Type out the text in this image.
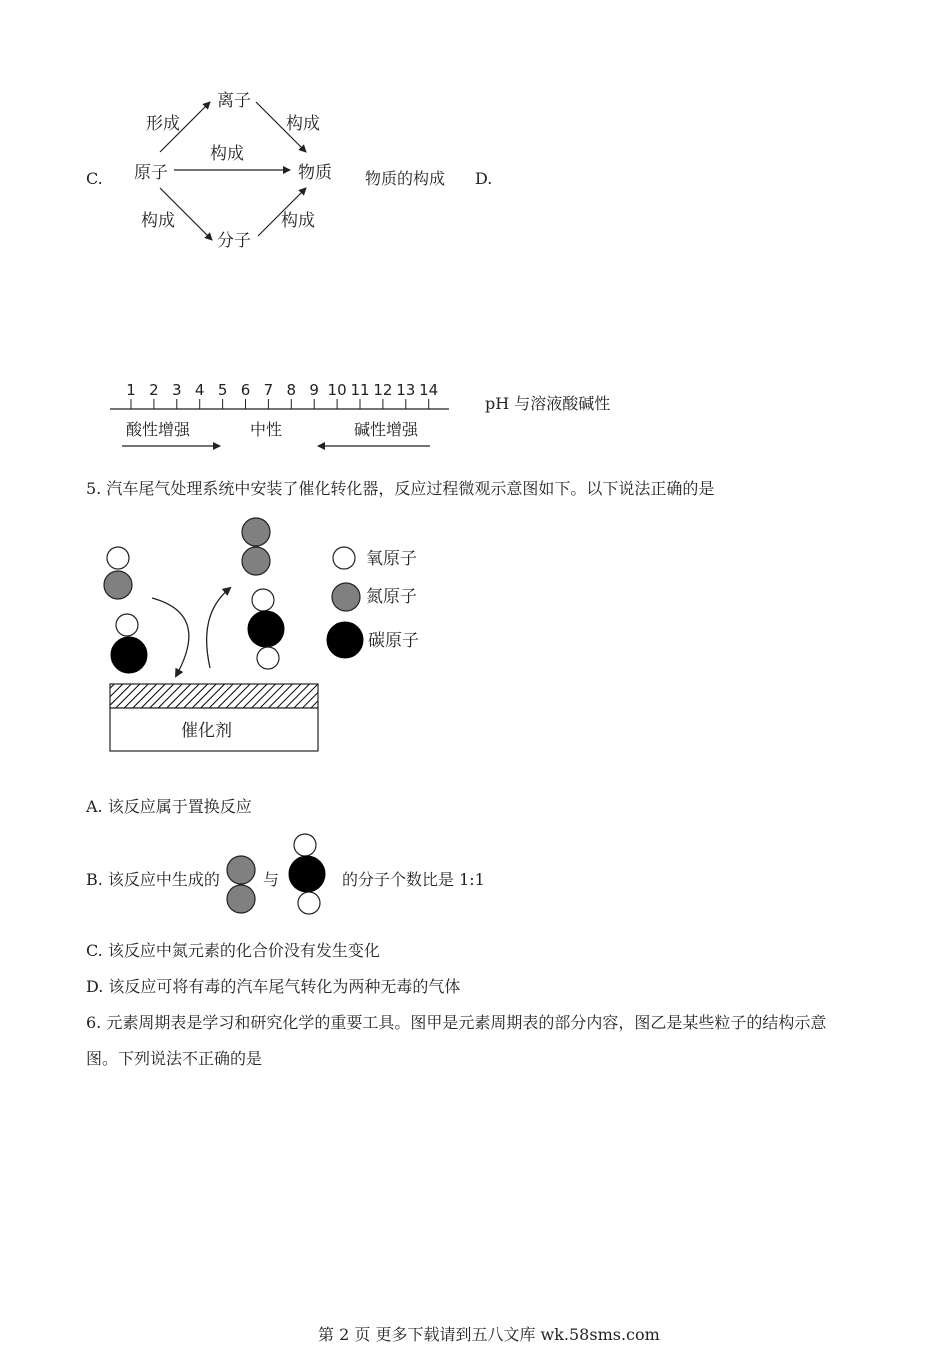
C.
离子
原子	物质
分子
形成	构成
构成
构成	构成
物质的构成 D.
1 2 3 4 5 6 7 8 9 10 11 12 13 14
酸性增强	中性	碱性增强
pH 与溶液酸碱性
5. 汽车尾气处理系统中安装了催化转化器，反应过程微观示意图如下。以下说法正确的是
催化剂
氧原子
氮原子
碳原子
A. 该反应属于置换反应
B. 该反应中生成的	与	的分子个数比是 1:1
C. 该反应中氮元素的化合价没有发生变化
D. 该反应可将有毒的汽车尾气转化为两种无毒的气体
6. 元素周期表是学习和研究化学的重要工具。图甲是元素周期表的部分内容，图乙是某些粒子的结构示意
图。下列说法不正确的是
第 2 页 更多下载请到五八文库 wk.58sms.com
